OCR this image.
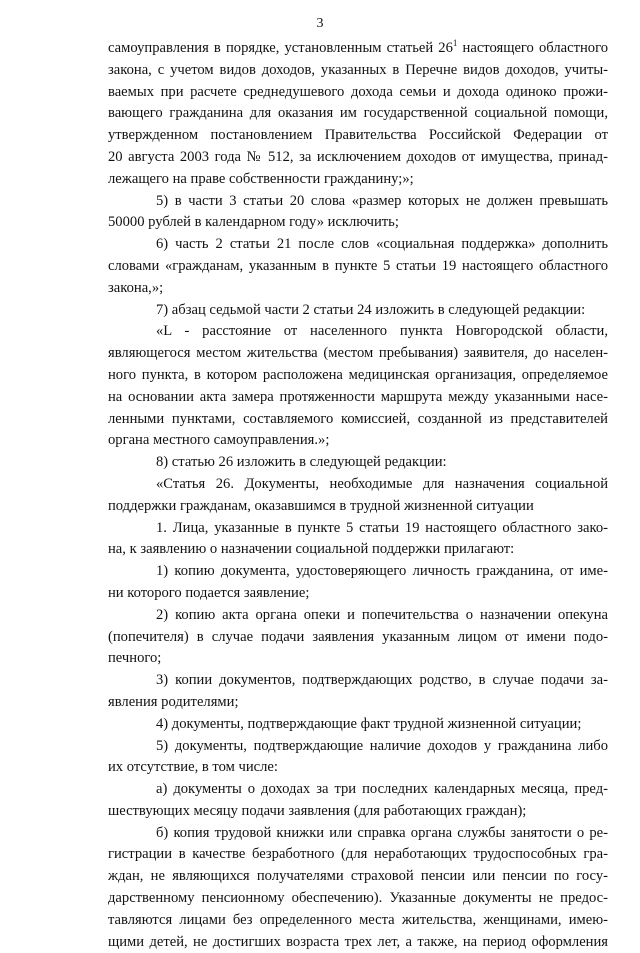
3
самоуправления в порядке, установленным статьей $26^1$ настоящего областного
закона, с учетом видов доходов, указанных в Перечне видов доходов, учиты-
ваемых при расчете среднедушевого дохода семьи и дохода одиноко прожи-
вающего гражданина для оказания им государственной социальной помощи,
утвержденном постановлением Правительства Российской Федерации от
20 августа 2003 года № 512, за исключением доходов от имущества, принад-
лежащего на праве собственности гражданину;»;
5) в части 3 статьи 20 слова «размер которых не должен превышать
50000 рублей в календарном году» исключить;
6) часть 2 статьи 21 после слов «социальная поддержка» дополнить
словами «гражданам, указанным в пункте 5 статьи 19 настоящего областного
закона,»;
7) абзац седьмой части 2 статьи 24 изложить в следующей редакции:
«L - расстояние от населенного пункта Новгородской области,
являющегося местом жительства (местом пребывания) заявителя, до населен-
ного пункта, в котором расположена медицинская организация, определяемое
на основании акта замера протяженности маршрута между указанными насе-
ленными пунктами, составляемого комиссией, созданной из представителей
органа местного самоуправления.»;
8) статью 26 изложить в следующей редакции:
«Статья 26. Документы, необходимые для назначения социальной
поддержки гражданам, оказавшимся в трудной жизненной ситуации
1. Лица, указанные в пункте 5 статьи 19 настоящего областного зако-
на, к заявлению о назначении социальной поддержки прилагают:
1) копию документа, удостоверяющего личность гражданина, от име-
ни которого подается заявление;
2) копию акта органа опеки и попечительства о назначении опекуна
(попечителя) в случае подачи заявления указанным лицом от имени подо-
печного;
3) копии документов, подтверждающих родство, в случае подачи за-
явления родителями;
4) документы, подтверждающие факт трудной жизненной ситуации;
5) документы, подтверждающие наличие доходов у гражданина либо
их отсутствие, в том числе:
а) документы о доходах за три последних календарных месяца, пред-
шествующих месяцу подачи заявления (для работающих граждан);
б) копия трудовой книжки или справка органа службы занятости о ре-
гистрации в качестве безработного (для неработающих трудоспособных гра-
ждан, не являющихся получателями страховой пенсии или пенсии по госу-
дарственному пенсионному обеспечению). Указанные документы не предос-
тавляются лицами без определенного места жительства, женщинами, имею-
щими детей, не достигших возраста трех лет, а также, на период оформления
